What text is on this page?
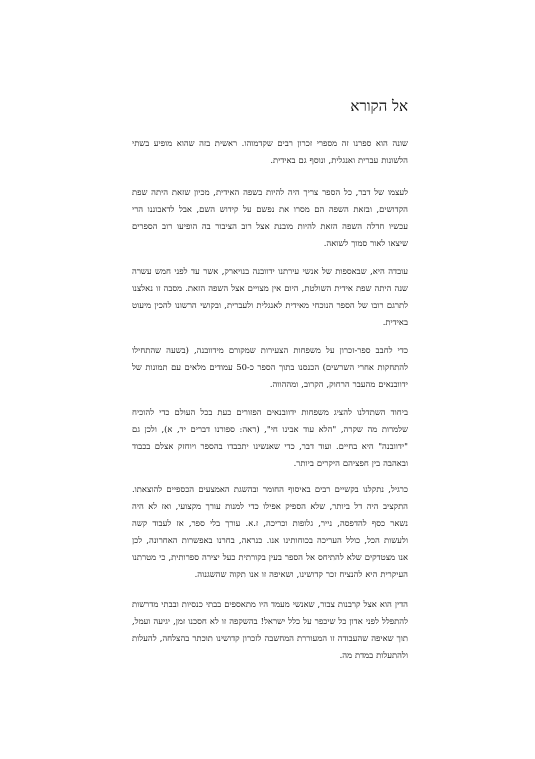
אל הקורא

שונה הוא ספרנו זה מספרי זכרון רבים שקדמוהו. ראשית בזה שהוא מופיע בשתי הלשונות עברית ואנגלית, ונוסף גם באידית.

לעצמו של דבר, כל הספר צריך היה להיות בשפה האידית, מכיון שזאת היתה שפת הקדושים, ובזאת השפה הם מסרו את נפשם על קידוש השם, אבל לדאבוננו הרי עכשיו חדלה השפה הזאת להיות מובנת אצל רוב הציבור בה הופיעו רוב הספרים שיצאו לאור סמוך לשואה.

עובדה היא, שבאספות של אנשי עירתנו ידוובנה בנויארק, אשר עד לפני חמש עשרה שנה היתה שפת אידית השולטת, היום אין מצויים אצל השפה הזאת. מסבה זו נאלצנו לתרגם רובו של הספר הנוכחי מאידית לאנגלית ולעברית, ובקושי הרשונו להכין מיעוט באידית.

כדי לחבב ספר-זכרון על משפחות הצעירות שמקורם מידוובנה, (בשעה שהתחילו להתחקות אחרי השרשים) הכנסנו בתוך הספר כ-50 עמודים מלאים עם תמונות של ידוובנאים מהעבר הרחוק, הקרוב, ומההווה.

ביחוד השתדלנו להציג משפחות ידוובנאים הפזורים כעת בכל העולם כדי להוכיח שלמרות מה שקרה, "הלא עוד אבינו חי", (ראה: ספורנו דברים יד, א), ולכן גם "ידוובנה" היא בחיים. ועוד דבר, כדי שאנשינו יתכבדו בהספר ויוחזק אצלם בכבוד ובאהבה בין חפציהם היקרים ביותר.

כרגיל, נתקלנו בקשיים רבים באיסוף החומר ובהשגת האמצעים הכספיים להוצאתו. התקציב היה דל ביותר, שלא הספיק אפילו כדי למנות עורך מקצועי, ואז לא היה נשאר כסף להדפסה, נייר, גלופות וכריכה, ז.א. עורך בלי ספר, אז לעבוד קשה ולעשות הכל, כולל העריכה בכוחותינו אנו. כנראה, בחרנו באפשרות האחרונה, לכן אנו מצטדקים שלא להתיחס אל הספר בעין בקורתית כעל יצירה ספרותית, כי מטרתנו העיקרית היא להנציח זכר קדושינו, ושאיפה זו אנו תקוה שהשגנוה.

הדין הוא אצל קרבנות צבור, שאנשי מעמד היו מתאספים בבתי כנסיות ובבתי מדרשות להתפלל לפני אדון כל שיכפר על כלל ישראל! בהשקפה זו לא חסכנו זמן, יגיעה ועמל, תוך שאיפה שהעבודה זו המעוררת המחשבה לזכרון קדושינו תוכתר בהצלחה, להעלות ולהתעלות במדת מה.
